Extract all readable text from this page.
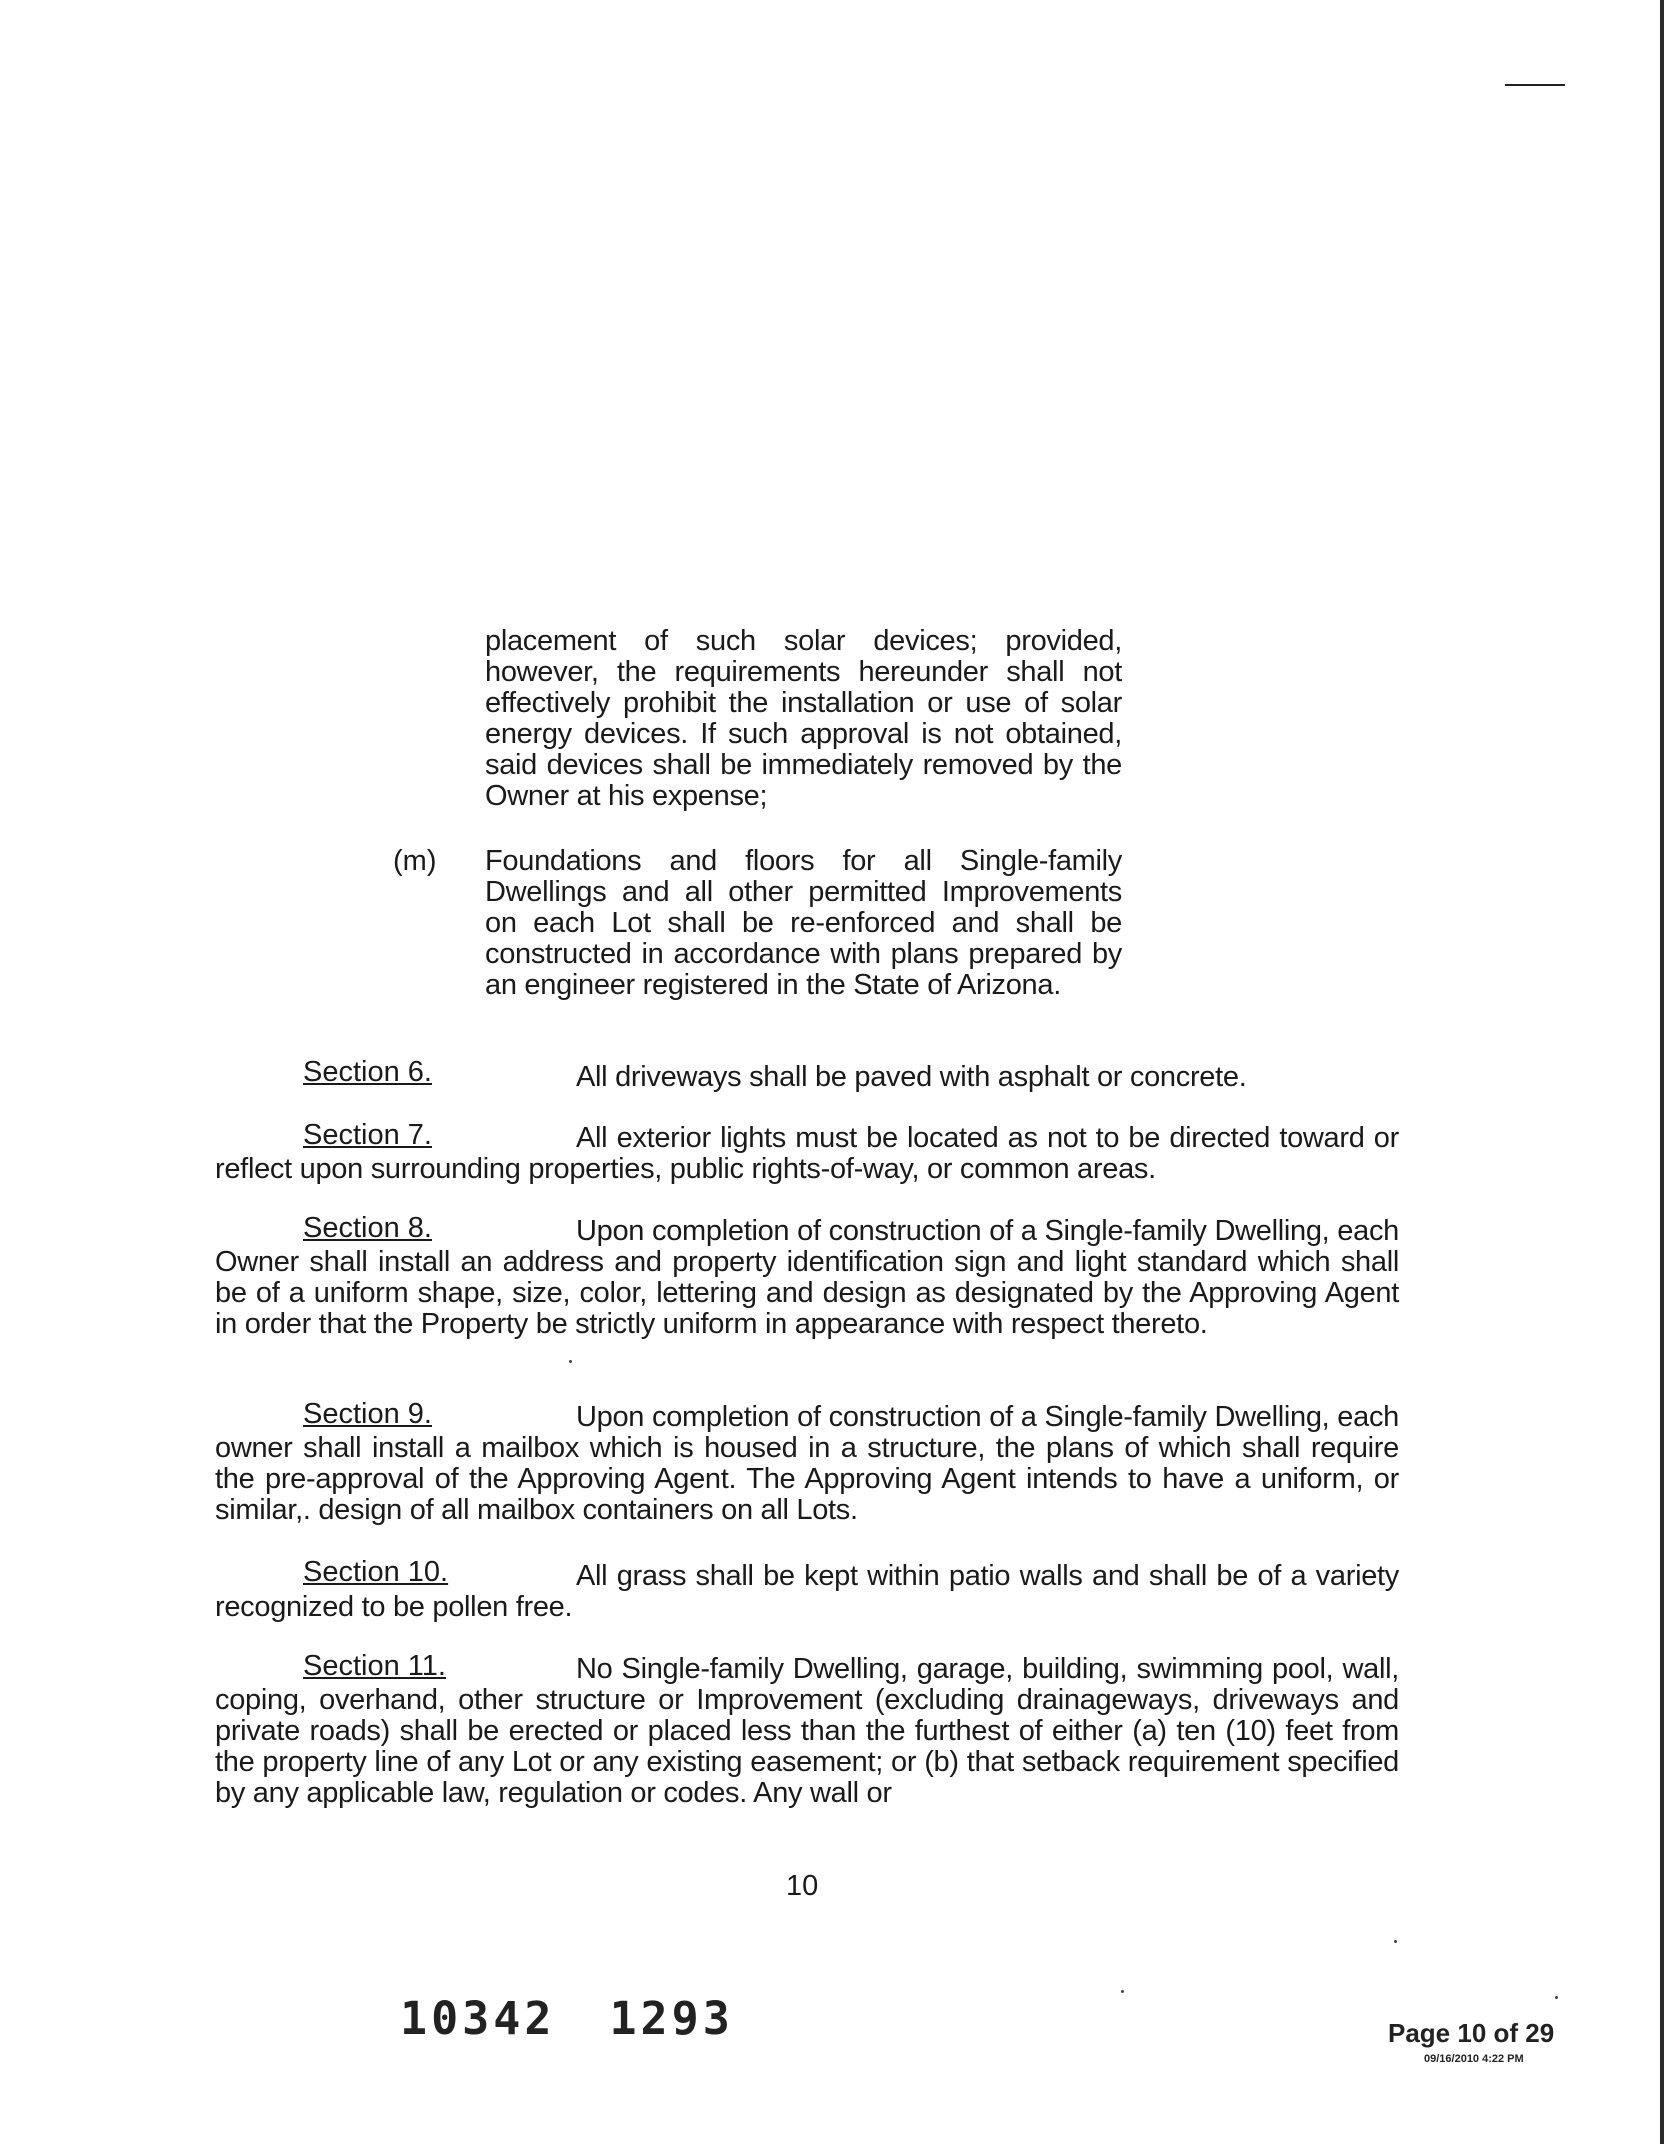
placement of such solar devices; provided, however, the requirements hereunder shall not effectively prohibit the installation or use of solar energy devices. If such approval is not obtained, said devices shall be immediately removed by the Owner at his expense;
(m) Foundations and floors for all Single-family Dwellings and all other permitted Improvements on each Lot shall be re-enforced and shall be constructed in accordance with plans prepared by an engineer registered in the State of Arizona.
Section 6.	All driveways shall be paved with asphalt or concrete.
Section 7.	All exterior lights must be located as not to be directed toward or reflect upon surrounding properties, public rights-of-way, or common areas.
Section 8.	Upon completion of construction of a Single-family Dwelling, each Owner shall install an address and property identification sign and light standard which shall be of a uniform shape, size, color, lettering and design as designated by the Approving Agent in order that the Property be strictly uniform in appearance with respect thereto.
Section 9.	Upon completion of construction of a Single-family Dwelling, each owner shall install a mailbox which is housed in a structure, the plans of which shall require the pre-approval of the Approving Agent. The Approving Agent intends to have a uniform, or similar,. design of all mailbox containers on all Lots.
Section 10.	All grass shall be kept within patio walls and shall be of a variety recognized to be pollen free.
Section 11.	No Single-family Dwelling, garage, building, swimming pool, wall, coping, overhand, other structure or Improvement (excluding drainageways, driveways and private roads) shall be erected or placed less than the furthest of either (a) ten (10) feet from the property line of any Lot or any existing easement; or (b) that setback requirement specified by any applicable law, regulation or codes. Any wall or
10
10342 1293	Page 10 of 29
09/16/2010 4:22 PM
